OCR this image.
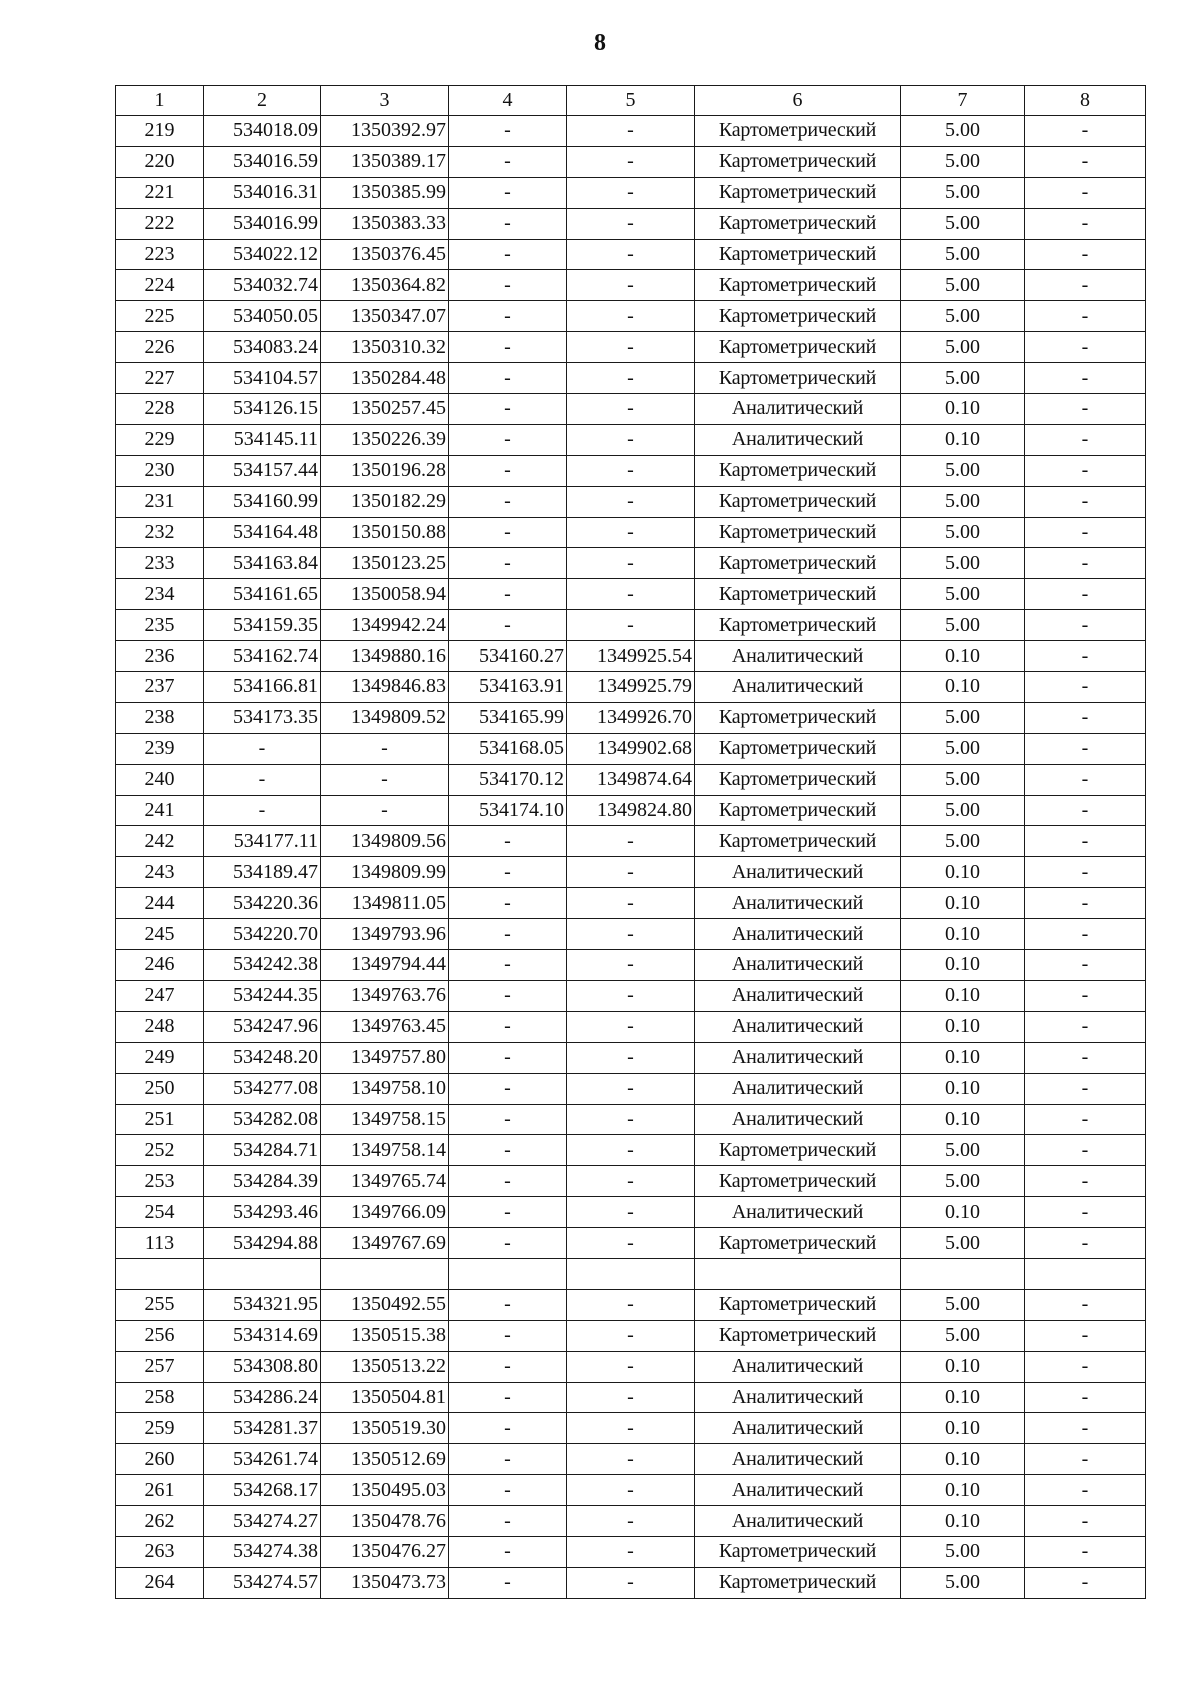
8
1	2	3	4	5	6	7	8
219	534018.09	1350392.97	-	-	Картометрический	5.00	-
220	534016.59	1350389.17	-	-	Картометрический	5.00	-
221	534016.31	1350385.99	-	-	Картометрический	5.00	-
222	534016.99	1350383.33	-	-	Картометрический	5.00	-
223	534022.12	1350376.45	-	-	Картометрический	5.00	-
224	534032.74	1350364.82	-	-	Картометрический	5.00	-
225	534050.05	1350347.07	-	-	Картометрический	5.00	-
226	534083.24	1350310.32	-	-	Картометрический	5.00	-
227	534104.57	1350284.48	-	-	Картометрический	5.00	-
228	534126.15	1350257.45	-	-	Аналитический	0.10	-
229	534145.11	1350226.39	-	-	Аналитический	0.10	-
230	534157.44	1350196.28	-	-	Картометрический	5.00	-
231	534160.99	1350182.29	-	-	Картометрический	5.00	-
232	534164.48	1350150.88	-	-	Картометрический	5.00	-
233	534163.84	1350123.25	-	-	Картометрический	5.00	-
234	534161.65	1350058.94	-	-	Картометрический	5.00	-
235	534159.35	1349942.24	-	-	Картометрический	5.00	-
236	534162.74	1349880.16	534160.27	1349925.54	Аналитический	0.10	-
237	534166.81	1349846.83	534163.91	1349925.79	Аналитический	0.10	-
238	534173.35	1349809.52	534165.99	1349926.70	Картометрический	5.00	-
239	-	-	534168.05	1349902.68	Картометрический	5.00	-
240	-	-	534170.12	1349874.64	Картометрический	5.00	-
241	-	-	534174.10	1349824.80	Картометрический	5.00	-
242	534177.11	1349809.56	-	-	Картометрический	5.00	-
243	534189.47	1349809.99	-	-	Аналитический	0.10	-
244	534220.36	1349811.05	-	-	Аналитический	0.10	-
245	534220.70	1349793.96	-	-	Аналитический	0.10	-
246	534242.38	1349794.44	-	-	Аналитический	0.10	-
247	534244.35	1349763.76	-	-	Аналитический	0.10	-
248	534247.96	1349763.45	-	-	Аналитический	0.10	-
249	534248.20	1349757.80	-	-	Аналитический	0.10	-
250	534277.08	1349758.10	-	-	Аналитический	0.10	-
251	534282.08	1349758.15	-	-	Аналитический	0.10	-
252	534284.71	1349758.14	-	-	Картометрический	5.00	-
253	534284.39	1349765.74	-	-	Картометрический	5.00	-
254	534293.46	1349766.09	-	-	Аналитический	0.10	-
113	534294.88	1349767.69	-	-	Картометрический	5.00	-

255	534321.95	1350492.55	-	-	Картометрический	5.00	-
256	534314.69	1350515.38	-	-	Картометрический	5.00	-
257	534308.80	1350513.22	-	-	Аналитический	0.10	-
258	534286.24	1350504.81	-	-	Аналитический	0.10	-
259	534281.37	1350519.30	-	-	Аналитический	0.10	-
260	534261.74	1350512.69	-	-	Аналитический	0.10	-
261	534268.17	1350495.03	-	-	Аналитический	0.10	-
262	534274.27	1350478.76	-	-	Аналитический	0.10	-
263	534274.38	1350476.27	-	-	Картометрический	5.00	-
264	534274.57	1350473.73	-	-	Картометрический	5.00	-
